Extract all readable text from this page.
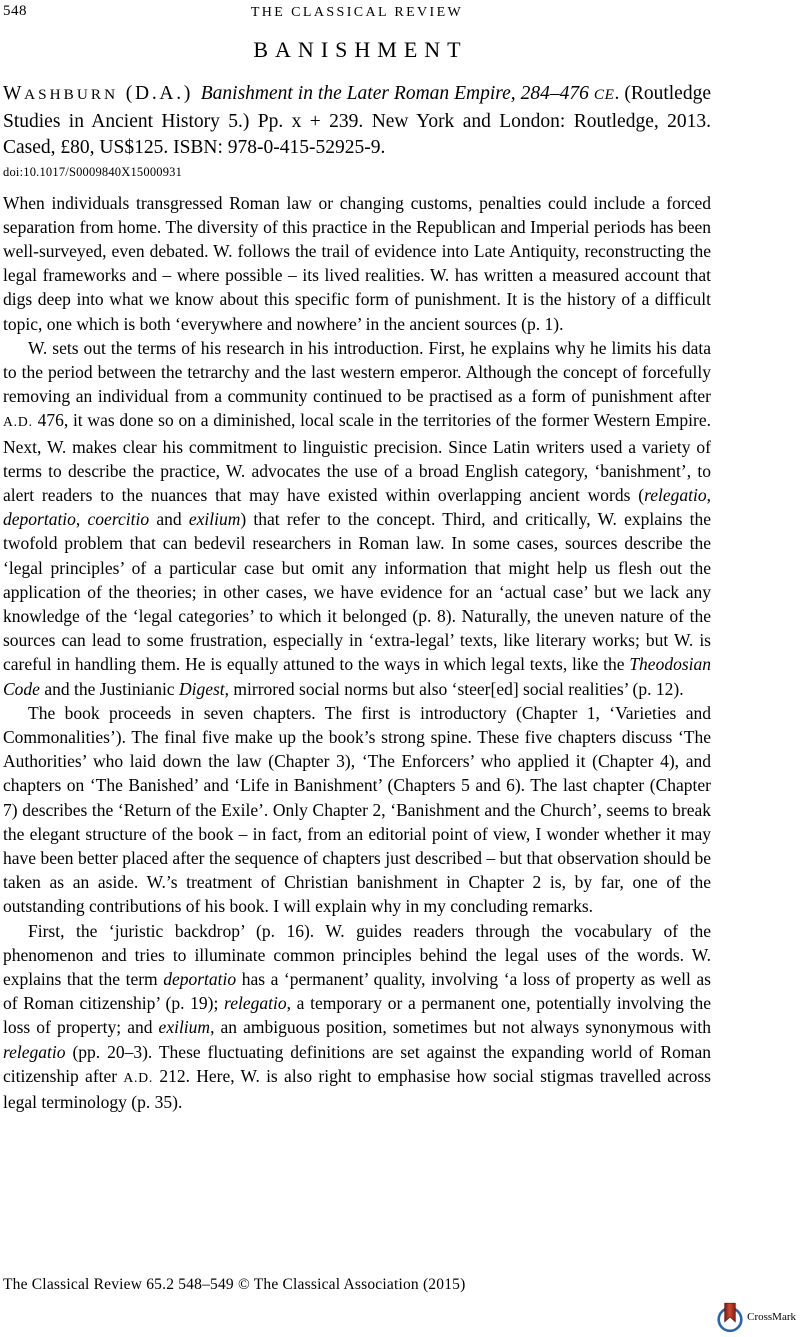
548	THE CLASSICAL REVIEW
BANISHMENT

WASHBURN (D.A.) Banishment in the Later Roman Empire, 284–476 CE. (Routledge Studies in Ancient History 5.) Pp. x + 239. New York and London: Routledge, 2013. Cased, £80, US$125. ISBN: 978-0-415-52925-9.

doi:10.1017/S0009840X15000931

When individuals transgressed Roman law or changing customs, penalties could include a forced separation from home. The diversity of this practice in the Republican and Imperial periods has been well-surveyed, even debated. W. follows the trail of evidence into Late Antiquity, reconstructing the legal frameworks and – where possible – its lived realities. W. has written a measured account that digs deep into what we know about this specific form of punishment. It is the history of a difficult topic, one which is both ‘everywhere and nowhere’ in the ancient sources (p. 1).

W. sets out the terms of his research in his introduction. First, he explains why he limits his data to the period between the tetrarchy and the last western emperor. Although the concept of forcefully removing an individual from a community continued to be practised as a form of punishment after A.D. 476, it was done so on a diminished, local scale in the territories of the former Western Empire. Next, W. makes clear his commitment to linguistic precision. Since Latin writers used a variety of terms to describe the practice, W. advocates the use of a broad English category, ‘banishment’, to alert readers to the nuances that may have existed within overlapping ancient words (relegatio, deportatio, coercitio and exilium) that refer to the concept. Third, and critically, W. explains the twofold problem that can bedevil researchers in Roman law. In some cases, sources describe the ‘legal principles’ of a particular case but omit any information that might help us flesh out the application of the theories; in other cases, we have evidence for an ‘actual case’ but we lack any knowledge of the ‘legal categories’ to which it belonged (p. 8). Naturally, the uneven nature of the sources can lead to some frustration, especially in ‘extra-legal’ texts, like literary works; but W. is careful in handling them. He is equally attuned to the ways in which legal texts, like the Theodosian Code and the Justinianic Digest, mirrored social norms but also ‘steer[ed] social realities’ (p. 12).

The book proceeds in seven chapters. The first is introductory (Chapter 1, ‘Varieties and Commonalities’). The final five make up the book’s strong spine. These five chapters discuss ‘The Authorities’ who laid down the law (Chapter 3), ‘The Enforcers’ who applied it (Chapter 4), and chapters on ‘The Banished’ and ‘Life in Banishment’ (Chapters 5 and 6). The last chapter (Chapter 7) describes the ‘Return of the Exile’. Only Chapter 2, ‘Banishment and the Church’, seems to break the elegant structure of the book – in fact, from an editorial point of view, I wonder whether it may have been better placed after the sequence of chapters just described – but that observation should be taken as an aside. W.’s treatment of Christian banishment in Chapter 2 is, by far, one of the outstanding contributions of his book. I will explain why in my concluding remarks.

First, the ‘juristic backdrop’ (p. 16). W. guides readers through the vocabulary of the phenomenon and tries to illuminate common principles behind the legal uses of the words. W. explains that the term deportatio has a ‘permanent’ quality, involving ‘a loss of property as well as of Roman citizenship’ (p. 19); relegatio, a temporary or a permanent one, potentially involving the loss of property; and exilium, an ambiguous position, sometimes but not always synonymous with relegatio (pp. 20–3). These fluctuating definitions are set against the expanding world of Roman citizenship after A.D. 212. Here, W. is also right to emphasise how social stigmas travelled across legal terminology (p. 35).

The Classical Review 65.2 548–549 © The Classical Association (2015)
CrossMark
